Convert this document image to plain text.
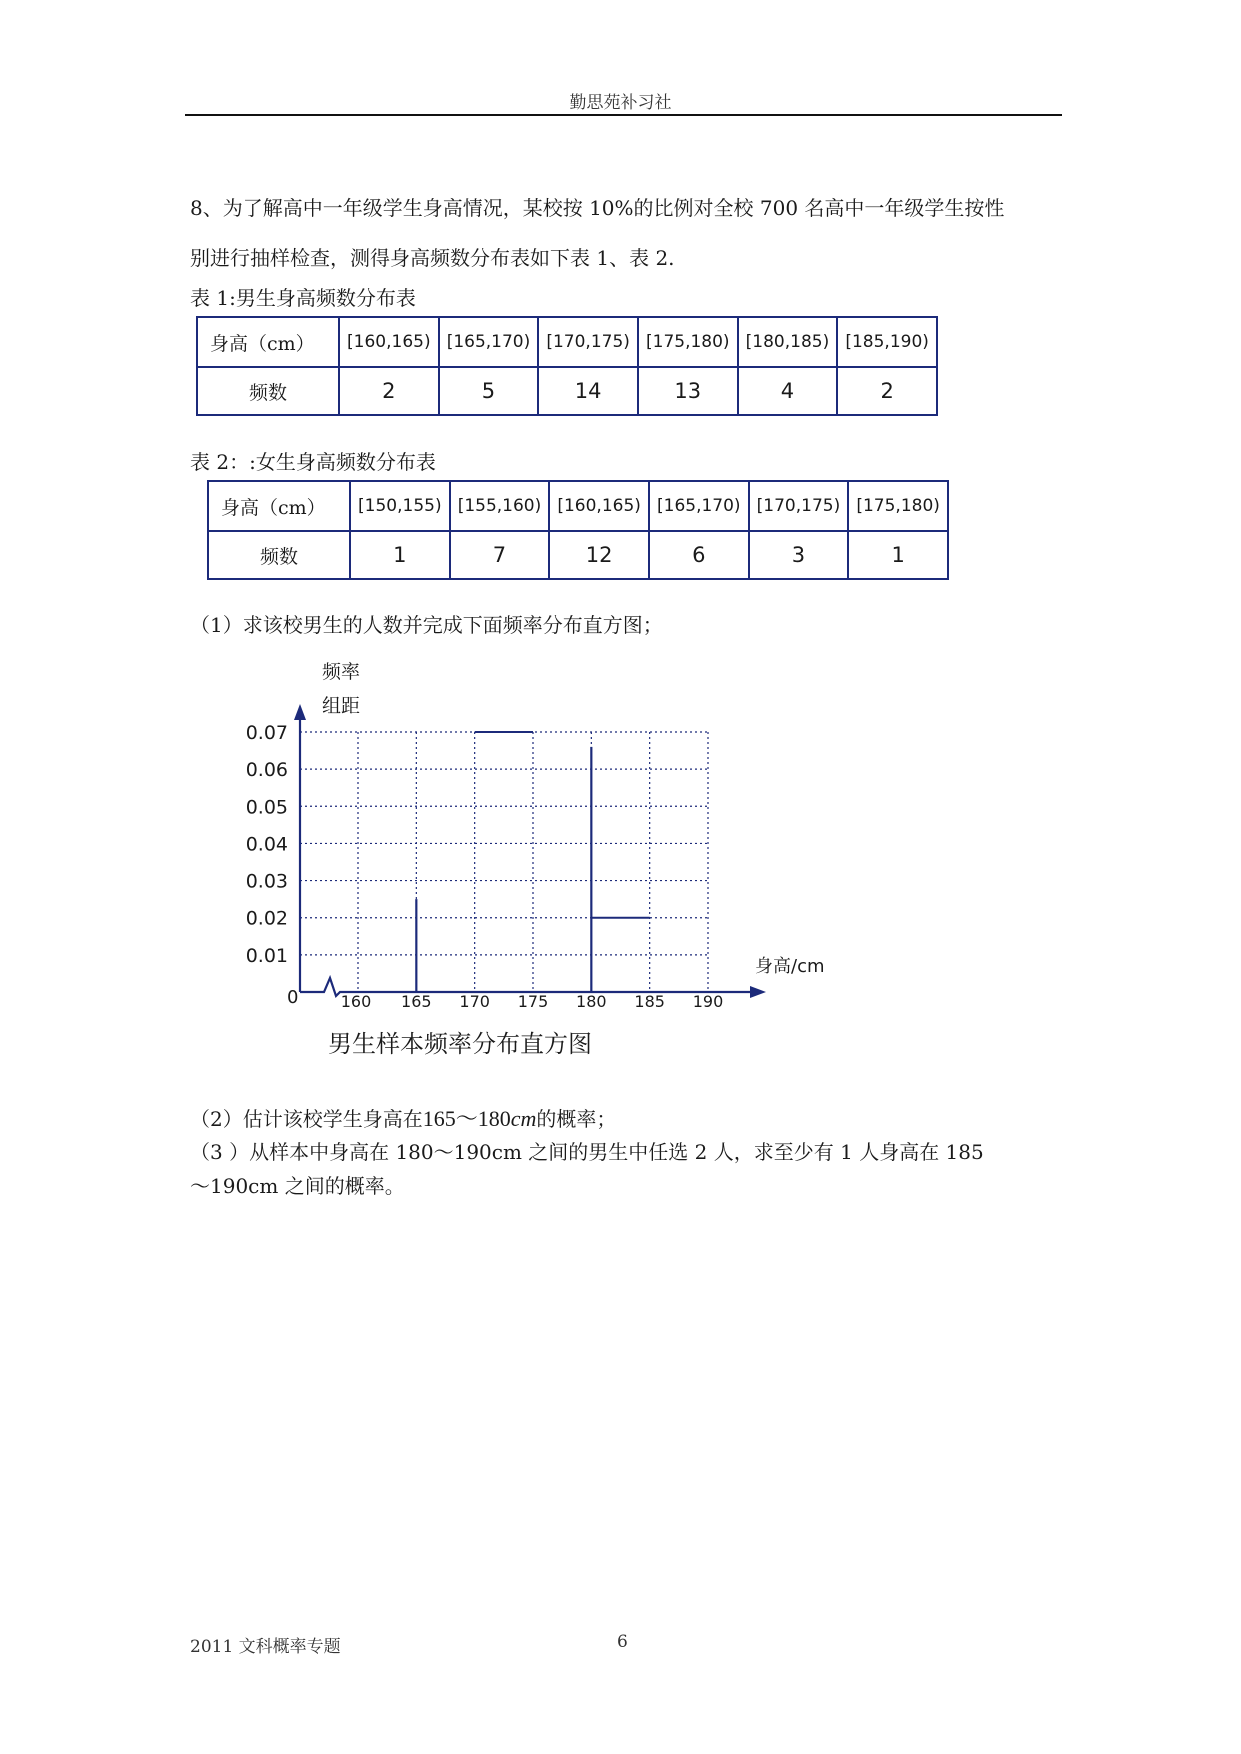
勤思苑补习社
8、为了解高中一年级学生身高情况，某校按 10%的比例对全校 700 名高中一年级学生按性
别进行抽样检查，测得身高频数分布表如下表 1、表 2.
表 1:男生身高频数分布表
身高（cm）	[160,165)	[165,170)	[170,175)	[175,180)	[180,185)	[185,190)
频数	2	5	14	13	4	2
表 2：:女生身高频数分布表
身高（cm）	[150,155)	[155,160)	[160,165)	[165,170)	[170,175)	[175,180)
频数	1	7	12	6	3	1
（1）求该校男生的人数并完成下面频率分布直方图；
频率
组距
0.01
0.02
0.03
0.04
0.05
0.06
0.07
160 165 170 175 180 185 190
0
身高/cm
男生样本频率分布直方图
（2）估计该校学生身高在165～180cm的概率；
（3 ）从样本中身高在 180～190cm 之间的男生中任选 2 人，求至少有 1 人身高在 185
～190cm 之间的概率。
2011 文科概率专题	6
